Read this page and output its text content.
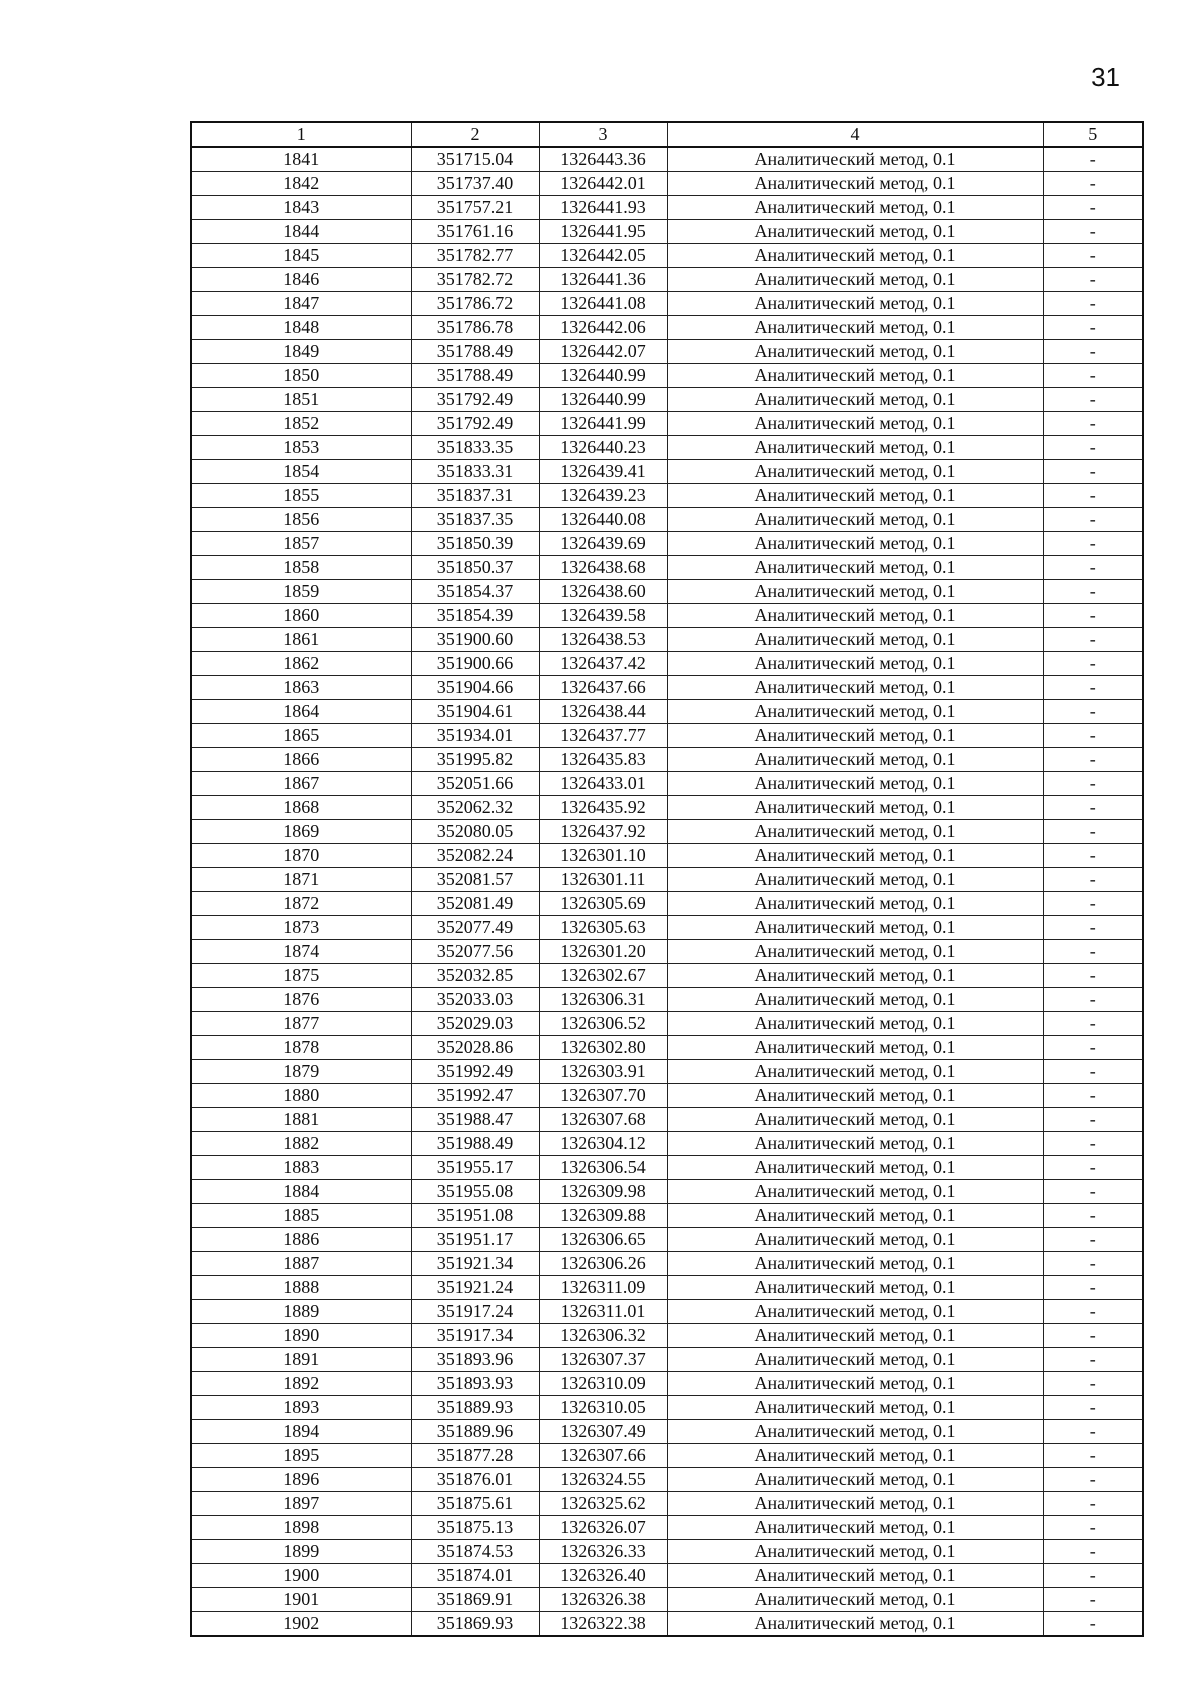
31
1	2	3	4	5
1841	351715.04	1326443.36	Аналитический метод, 0.1	-
1842	351737.40	1326442.01	Аналитический метод, 0.1	-
1843	351757.21	1326441.93	Аналитический метод, 0.1	-
1844	351761.16	1326441.95	Аналитический метод, 0.1	-
1845	351782.77	1326442.05	Аналитический метод, 0.1	-
1846	351782.72	1326441.36	Аналитический метод, 0.1	-
1847	351786.72	1326441.08	Аналитический метод, 0.1	-
1848	351786.78	1326442.06	Аналитический метод, 0.1	-
1849	351788.49	1326442.07	Аналитический метод, 0.1	-
1850	351788.49	1326440.99	Аналитический метод, 0.1	-
1851	351792.49	1326440.99	Аналитический метод, 0.1	-
1852	351792.49	1326441.99	Аналитический метод, 0.1	-
1853	351833.35	1326440.23	Аналитический метод, 0.1	-
1854	351833.31	1326439.41	Аналитический метод, 0.1	-
1855	351837.31	1326439.23	Аналитический метод, 0.1	-
1856	351837.35	1326440.08	Аналитический метод, 0.1	-
1857	351850.39	1326439.69	Аналитический метод, 0.1	-
1858	351850.37	1326438.68	Аналитический метод, 0.1	-
1859	351854.37	1326438.60	Аналитический метод, 0.1	-
1860	351854.39	1326439.58	Аналитический метод, 0.1	-
1861	351900.60	1326438.53	Аналитический метод, 0.1	-
1862	351900.66	1326437.42	Аналитический метод, 0.1	-
1863	351904.66	1326437.66	Аналитический метод, 0.1	-
1864	351904.61	1326438.44	Аналитический метод, 0.1	-
1865	351934.01	1326437.77	Аналитический метод, 0.1	-
1866	351995.82	1326435.83	Аналитический метод, 0.1	-
1867	352051.66	1326433.01	Аналитический метод, 0.1	-
1868	352062.32	1326435.92	Аналитический метод, 0.1	-
1869	352080.05	1326437.92	Аналитический метод, 0.1	-
1870	352082.24	1326301.10	Аналитический метод, 0.1	-
1871	352081.57	1326301.11	Аналитический метод, 0.1	-
1872	352081.49	1326305.69	Аналитический метод, 0.1	-
1873	352077.49	1326305.63	Аналитический метод, 0.1	-
1874	352077.56	1326301.20	Аналитический метод, 0.1	-
1875	352032.85	1326302.67	Аналитический метод, 0.1	-
1876	352033.03	1326306.31	Аналитический метод, 0.1	-
1877	352029.03	1326306.52	Аналитический метод, 0.1	-
1878	352028.86	1326302.80	Аналитический метод, 0.1	-
1879	351992.49	1326303.91	Аналитический метод, 0.1	-
1880	351992.47	1326307.70	Аналитический метод, 0.1	-
1881	351988.47	1326307.68	Аналитический метод, 0.1	-
1882	351988.49	1326304.12	Аналитический метод, 0.1	-
1883	351955.17	1326306.54	Аналитический метод, 0.1	-
1884	351955.08	1326309.98	Аналитический метод, 0.1	-
1885	351951.08	1326309.88	Аналитический метод, 0.1	-
1886	351951.17	1326306.65	Аналитический метод, 0.1	-
1887	351921.34	1326306.26	Аналитический метод, 0.1	-
1888	351921.24	1326311.09	Аналитический метод, 0.1	-
1889	351917.24	1326311.01	Аналитический метод, 0.1	-
1890	351917.34	1326306.32	Аналитический метод, 0.1	-
1891	351893.96	1326307.37	Аналитический метод, 0.1	-
1892	351893.93	1326310.09	Аналитический метод, 0.1	-
1893	351889.93	1326310.05	Аналитический метод, 0.1	-
1894	351889.96	1326307.49	Аналитический метод, 0.1	-
1895	351877.28	1326307.66	Аналитический метод, 0.1	-
1896	351876.01	1326324.55	Аналитический метод, 0.1	-
1897	351875.61	1326325.62	Аналитический метод, 0.1	-
1898	351875.13	1326326.07	Аналитический метод, 0.1	-
1899	351874.53	1326326.33	Аналитический метод, 0.1	-
1900	351874.01	1326326.40	Аналитический метод, 0.1	-
1901	351869.91	1326326.38	Аналитический метод, 0.1	-
1902	351869.93	1326322.38	Аналитический метод, 0.1	-
